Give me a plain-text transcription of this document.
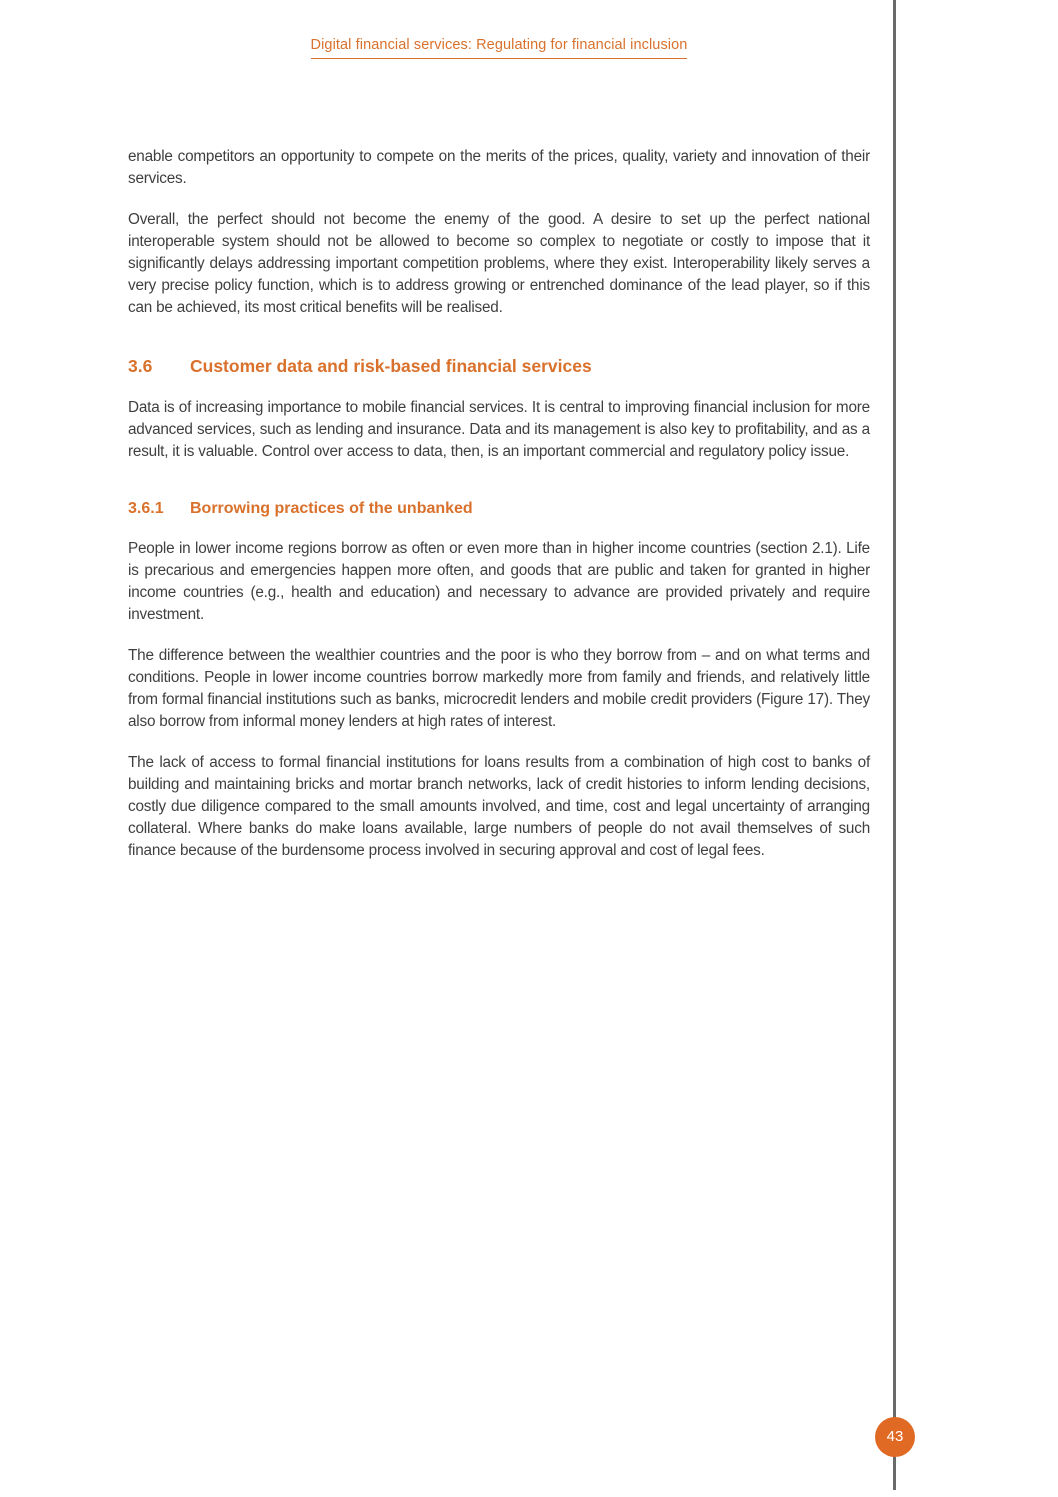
Digital financial services: Regulating for financial inclusion

enable competitors an opportunity to compete on the merits of the prices, quality, variety and innovation of their services.

Overall, the perfect should not become the enemy of the good. A desire to set up the perfect national interoperable system should not be allowed to become so complex to negotiate or costly to impose that it significantly delays addressing important competition problems, where they exist. Interoperability likely serves a very precise policy function, which is to address growing or entrenched dominance of the lead player, so if this can be achieved, its most critical benefits will be realised.

3.6	Customer data and risk-based financial services

Data is of increasing importance to mobile financial services. It is central to improving financial inclusion for more advanced services, such as lending and insurance. Data and its management is also key to profitability, and as a result, it is valuable. Control over access to data, then, is an important commercial and regulatory policy issue.

3.6.1	Borrowing practices of the unbanked

People in lower income regions borrow as often or even more than in higher income countries (section 2.1). Life is precarious and emergencies happen more often, and goods that are public and taken for granted in higher income countries (e.g., health and education) and necessary to advance are provided privately and require investment.

The difference between the wealthier countries and the poor is who they borrow from – and on what terms and conditions. People in lower income countries borrow markedly more from family and friends, and relatively little from formal financial institutions such as banks, microcredit lenders and mobile credit providers (Figure 17). They also borrow from informal money lenders at high rates of interest.

The lack of access to formal financial institutions for loans results from a combination of high cost to banks of building and maintaining bricks and mortar branch networks, lack of credit histories to inform lending decisions, costly due diligence compared to the small amounts involved, and time, cost and legal uncertainty of arranging collateral. Where banks do make loans available, large numbers of people do not avail themselves of such finance because of the burdensome process involved in securing approval and cost of legal fees.

43
